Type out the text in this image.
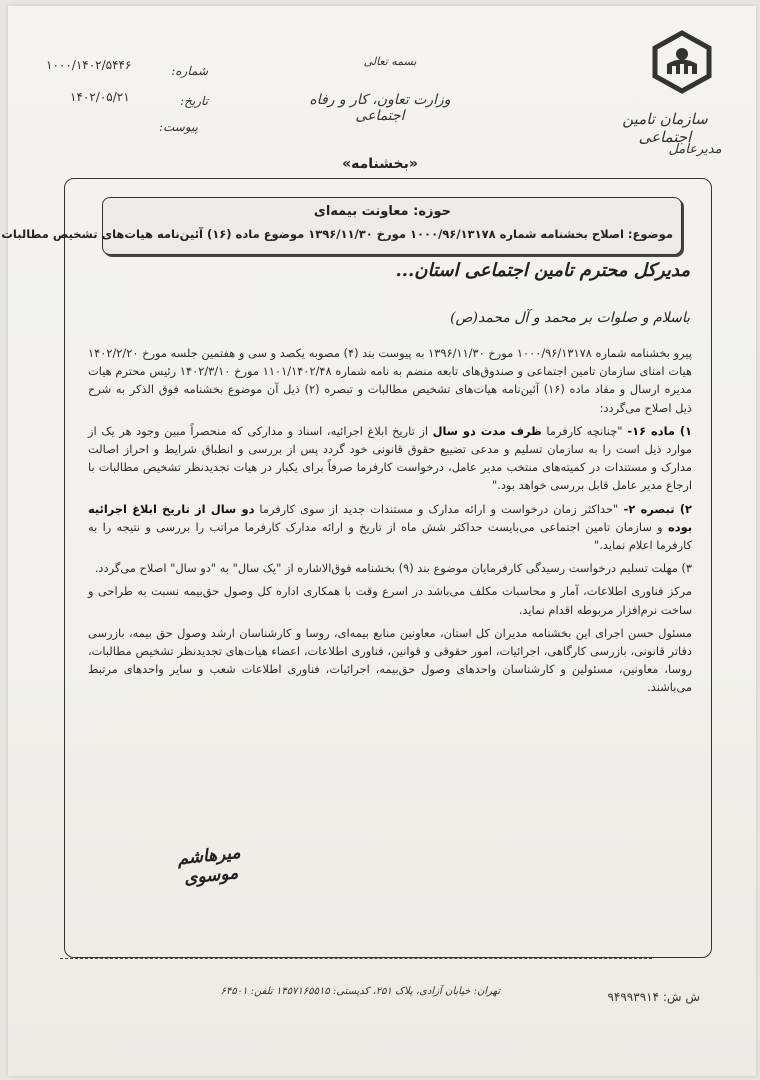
سازمان تامین اجتماعی
مدیرعامل
بسمه تعالی
وزارت تعاون، کار و رفاه اجتماعی
شماره:
۱۰۰۰/۱۴۰۲/۵۴۴۶
تاریخ:
۱۴۰۲/۰۵/۲۱
پیوست:
«بخشنامه»
حوزه: معاونت بیمه‌ای
موضوع: اصلاح بخشنامه شماره ۱۰۰۰/۹۶/۱۳۱۷۸ مورخ ۱۳۹۶/۱۱/۳۰ موضوع ماده (۱۶) آئین‌نامه هیات‌های تشخیص مطالبات
مدیرکل محترم تامین اجتماعی استان...
باسلام و صلوات بر محمد و آل محمد(ص)

پیرو بخشنامه شماره ۱۰۰۰/۹۶/۱۳۱۷۸ مورخ ۱۳۹۶/۱۱/۳۰ به پیوست بند (۴) مصوبه یکصد و سی و هفتمین جلسه مورخ ۱۴۰۲/۲/۲۰ هیات امنای سازمان تامین اجتماعی و صندوق‌های تابعه منضم به نامه شماره ۱۱۰۱/۱۴۰۲/۴۸ مورخ ۱۴۰۲/۳/۱۰ رئیس محترم هیات مدیره ارسال و مفاد ماده (۱۶) آئین‌نامه هیات‌های تشخیص مطالبات و تبصره (۲) ذیل آن موضوع بخشنامه فوق الذکر به شرح ذیل اصلاح می‌گردد:

۱) ماده ۱۶- "چنانچه کارفرما ظرف مدت دو سال از تاریخ ابلاغ اجرائیه، اسناد و مدارکی که منحصراً مبین وجود هر یک از موارد ذیل است را به سازمان تسلیم و مدعی تضییع حقوق قانونی خود گردد پس از بررسی و انطباق شرایط و احراز اصالت مدارک و مستندات در کمیته‌های منتخب مدیر عامل، درخواست کارفرما صرفاً برای یکبار در هیات تجدیدنظر تشخیص مطالبات با ارجاع مدیر عامل قابل بررسی خواهد بود."

۲) تبصره ۲- "حداکثر زمان درخواست و ارائه مدارک و مستندات جدید از سوی کارفرما دو سال از تاریخ ابلاغ اجرائیه بوده و سازمان تامین اجتماعی می‌بایست حداکثر شش ماه از تاریخ و ارائه مدارک کارفرما مراتب را بررسی و نتیجه را به کارفرما اعلام نماید."

۳) مهلت تسلیم درخواست رسیدگی کارفرمایان موضوع بند (۹) بخشنامه فوق‌الاشاره از "یک سال" به "دو سال" اصلاح می‌گردد.

مرکز فناوری اطلاعات، آمار و محاسبات مکلف می‌باشد در اسرع وقت با همکاری اداره کل وصول حق‌بیمه نسبت به طراحی و ساخت نرم‌افزار مربوطه اقدام نماید.

مسئول حسن اجرای این بخشنامه مدیران کل استان، معاونین منابع بیمه‌ای، روسا و کارشناسان ارشد وصول حق بیمه، بازرسی دفاتر قانونی، بازرسی کارگاهی، اجرائیات، امور حقوقی و قوانین، فناوری اطلاعات، اعضاء هیات‌های تجدیدنظر تشخیص مطالبات، روسا، معاونین، مسئولین و کارشناسان واحدهای وصول حق‌بیمه، اجرائیات، فناوری اطلاعات شعب و سایر واحدهای مرتبط می‌باشند.

میرهاشم موسوی
تهران: خیابان آزادی، پلاک ۲۵۱، کدپستی: ۱۴۵۷۱۶۵۵۱۵ تلفن: ۶۴۵۰۱	ش ش: ۹۴۹۹۳۹۱۴
